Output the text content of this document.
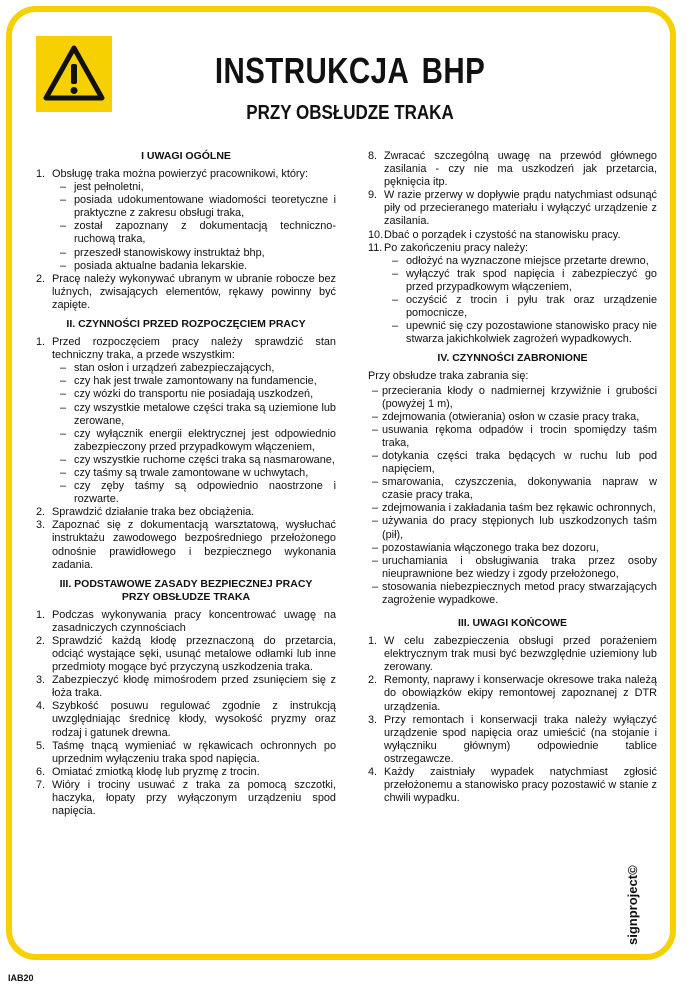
INSTRUKCJA BHP
PRZY OBSŁUDZE TRAKA
I UWAGI OGÓLNE
1. Obsługę traka można powierzyć pracownikowi, który:
– jest pełnoletni,
– posiada udokumentowane wiadomości teoretyczne i praktyczne z zakresu obsługi traka,
– został zapoznany z dokumentacją techniczno-ruchową traka,
– przeszedł stanowiskowy instruktaż bhp,
– posiada aktualne badania lekarskie.
2. Pracę należy wykonywać ubranym w ubranie robocze bez luźnych, zwisających elementów, rękawy powinny być zapięte.
II. CZYNNOŚCI PRZED ROZPOCZĘCIEM PRACY
1. Przed rozpoczęciem pracy należy sprawdzić stan techniczny traka, a przede wszystkim:
– stan osłon i urządzeń zabezpieczających,
– czy hak jest trwale zamontowany na fundamencie,
– czy wózki do transportu nie posiadają uszkodzeń,
– czy wszystkie metalowe części traka są uziemione lub zerowane,
– czy wyłącznik energii elektrycznej jest odpowiednio zabezpieczony przed przypadkowym włączeniem,
– czy wszystkie ruchome części traka są nasmarowane,
– czy taśmy są trwale zamontowane w uchwytach,
– czy zęby taśmy są odpowiednio naostrzone i rozwarte.
2. Sprawdzić działanie traka bez obciążenia.
3. Zapoznać się z dokumentacją warsztatową, wysłuchać instruktażu zawodowego bezpośredniego przełożonego odnośnie prawidłowego i bezpiecznego wykonania zadania.
III. PODSTAWOWE ZASADY BEZPIECZNEJ PRACY
PRZY OBSŁUDZE TRAKA
1. Podczas wykonywania pracy koncentrować uwagę na zasadniczych czynnościach
2. Sprawdzić każdą kłodę przeznaczoną do przetarcia, odciąć wystające sęki, usunąć metalowe odłamki lub inne przedmioty mogące być przyczyną uszkodzenia traka.
3. Zabezpieczyć kłodę mimośrodem przed zsunięciem się z łoża traka.
4. Szybkość posuwu regulować zgodnie z instrukcją uwzględniając średnicę kłody, wysokość pryzmy oraz rodzaj i gatunek drewna.
5. Taśmę tnącą wymieniać w rękawicach ochronnych po uprzednim wyłączeniu traka spod napięcia.
6. Omiatać zmiotką kłodę lub pryzmę z trocin.
7. Wióry i trociny usuwać z traka za pomocą szczotki, haczyka, łopaty przy wyłączonym urządzeniu spod napięcia.
8. Zwracać szczególną uwagę na przewód głównego zasilania - czy nie ma uszkodzeń jak przetarcia, pęknięcia itp.
9. W razie przerwy w dopływie prądu natychmiast odsunąć piły od przecieranego materiału i wyłączyć urządzenie z zasilania.
10. Dbać o porządek i czystość na stanowisku pracy.
11. Po zakończeniu pracy należy:
– odłożyć na wyznaczone miejsce przetarte drewno,
– wyłączyć trak spod napięcia i zabezpieczyć go przed przypadkowym włączeniem,
– oczyścić z trocin i pyłu trak oraz urządzenie pomocnicze,
– upewnić się czy pozostawione stanowisko pracy nie stwarza jakichkolwiek zagrożeń wypadkowych.
IV. CZYNNOŚCI ZABRONIONE

Przy obsłudze traka zabrania się:

– przecierania kłody o nadmiernej krzywiźnie i grubości (powyżej 1 m),
– zdejmowania (otwierania) osłon w czasie pracy traka,
– usuwania rękoma odpadów i trocin spomiędzy taśm traka,
– dotykania części traka będących w ruchu lub pod napięciem,
– smarowania, czyszczenia, dokonywania napraw w czasie pracy traka,
– zdejmowania i zakładania taśm bez rękawic ochronnych,
– używania do pracy stępionych lub uszkodzonych taśm (pił),
– pozostawiania włączonego traka bez dozoru,
– uruchamiania i obsługiwania traka przez osoby nieuprawnione bez wiedzy i zgody przełożonego,
– stosowania niebezpiecznych metod pracy stwarzających zagrożenie wypadkowe.
III. UWAGI KOŃCOWE
1. W celu zabezpieczenia obsługi przed porażeniem elektrycznym trak musi być bezwzględnie uziemiony lub zerowany.
2. Remonty, naprawy i konserwacje okresowe traka należą do obowiązków ekipy remontowej zapoznanej z DTR urządzenia.
3. Przy remontach i konserwacji traka należy wyłączyć urządzenie spod napięcia oraz umieścić (na stojanie i wyłączniku głównym) odpowiednie tablice ostrzegawcze.
4. Każdy zaistniały wypadek natychmiast zgłosić przełożonemu a stanowisko pracy pozostawić w stanie z chwili wypadku.
signproject©
IAB20
